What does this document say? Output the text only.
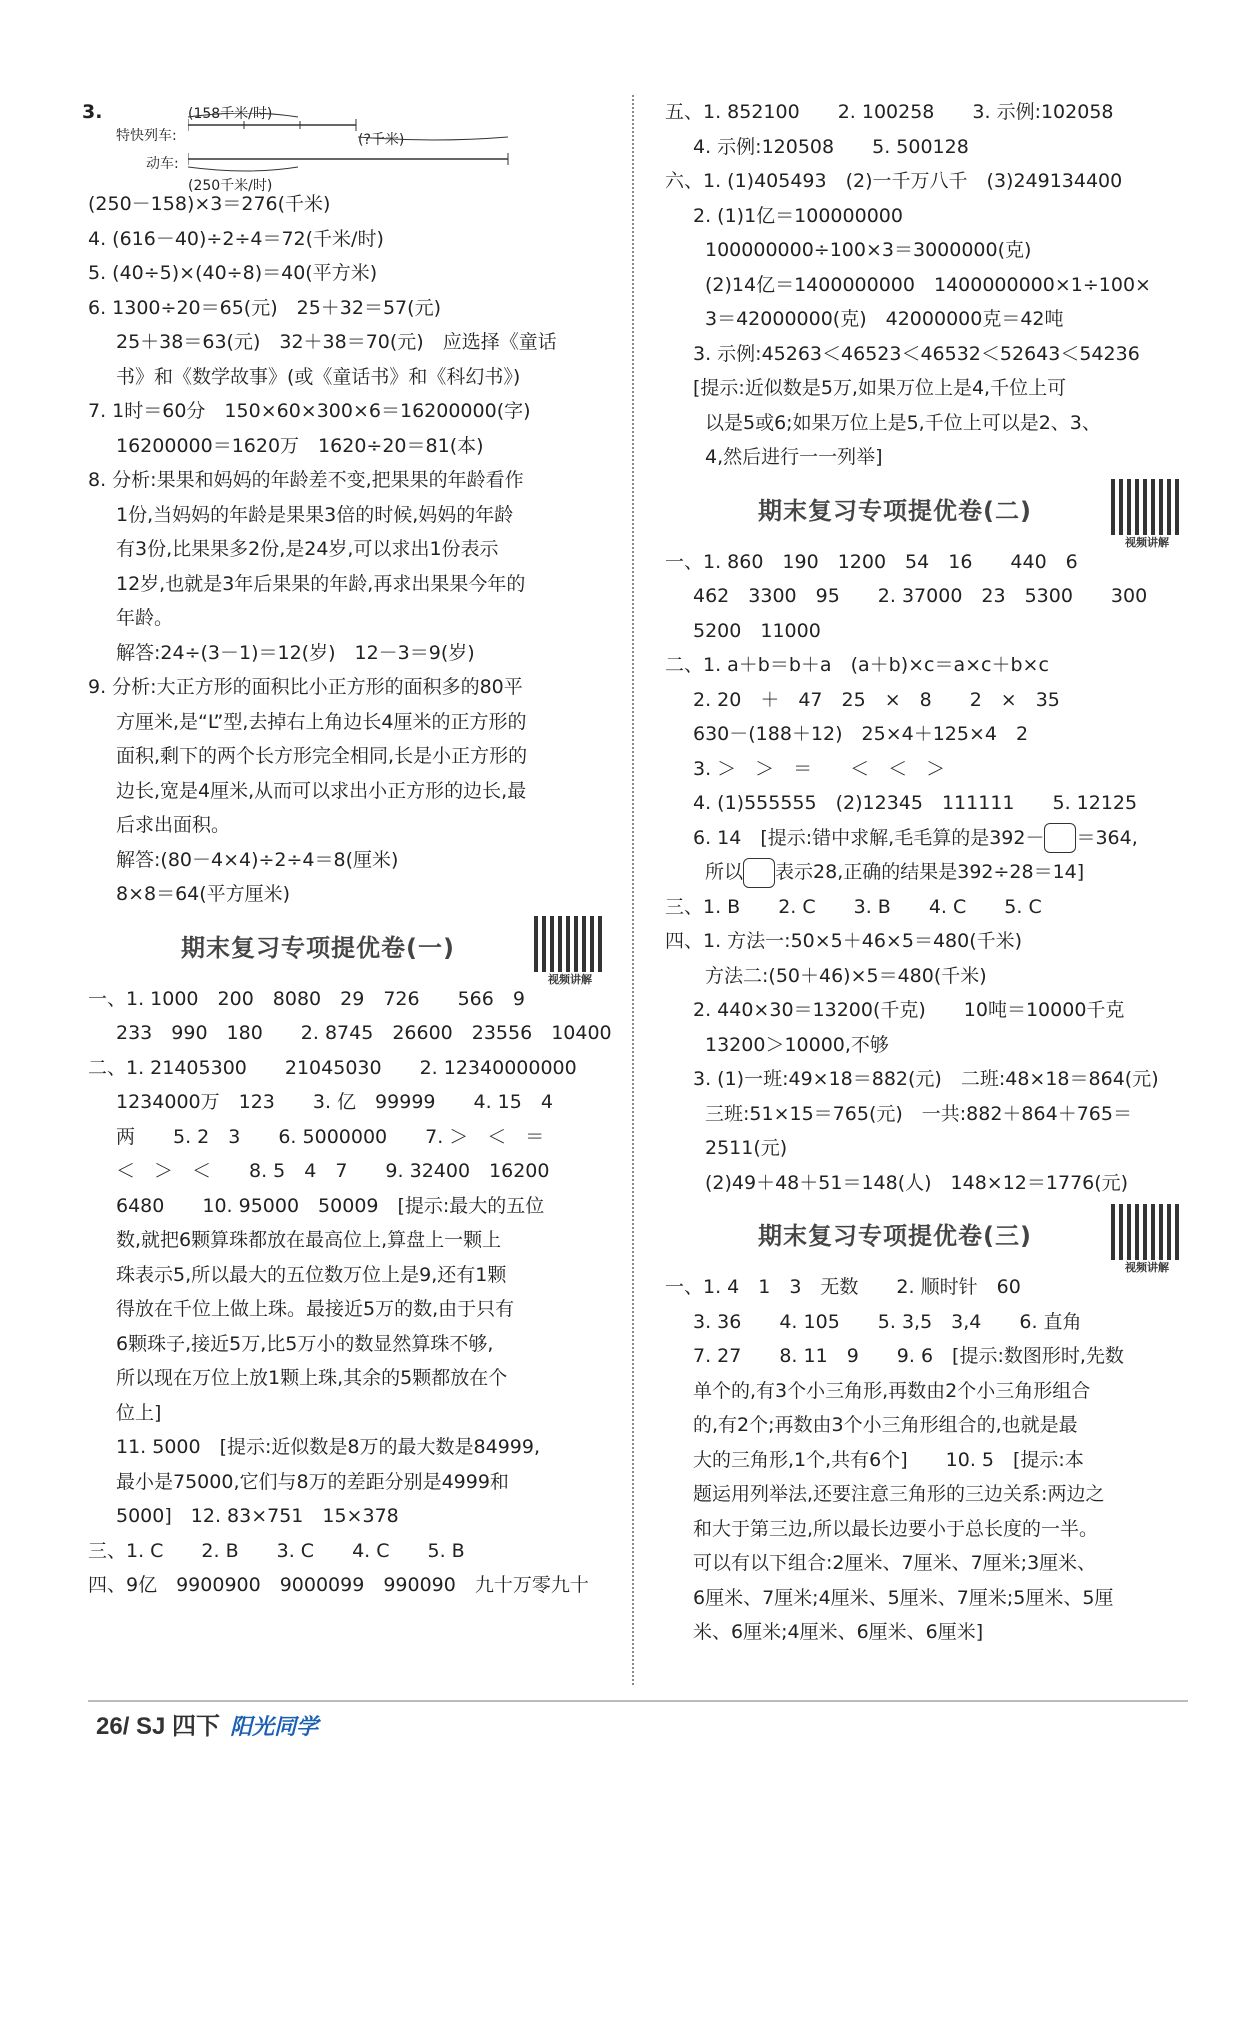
3.
特快列车:
(158千米/时)
(?千米)
动车:
(250千米/时)
(250－158)×3＝276(千米)
4. (616－40)÷2÷4＝72(千米/时)
5. (40÷5)×(40÷8)＝40(平方米)
6. 1300÷20＝65(元)　25＋32＝57(元)
25＋38＝63(元)　32＋38＝70(元)　应选择《童话
书》和《数学故事》(或《童话书》和《科幻书》)
7. 1时＝60分　150×60×300×6＝16200000(字)
16200000＝1620万　1620÷20＝81(本)
8. 分析:果果和妈妈的年龄差不变,把果果的年龄看作
1份,当妈妈的年龄是果果3倍的时候,妈妈的年龄
有3份,比果果多2份,是24岁,可以求出1份表示
12岁,也就是3年后果果的年龄,再求出果果今年的
年龄。
解答:24÷(3－1)＝12(岁)　12－3＝9(岁)
9. 分析:大正方形的面积比小正方形的面积多的80平
方厘米,是“L”型,去掉右上角边长4厘米的正方形的
面积,剩下的两个长方形完全相同,长是小正方形的
边长,宽是4厘米,从而可以求出小正方形的边长,最
后求出面积。
解答:(80－4×4)÷2÷4＝8(厘米)
8×8＝64(平方厘米)
期末复习专项提优卷(一)
视频讲解
一、1. 1000　200　8080　29　726　　566　9
233　990　180　　2. 8745　26600　23556　10400
二、1. 21405300　　21045030　　2. 12340000000
1234000万　123　　3. 亿　99999　　4. 15　4
两　　5. 2　3　　6. 5000000　　7. ＞　＜　＝
＜　＞　＜　　8. 5　4　7　　9. 32400　16200
6480　　10. 95000　50009　[提示:最大的五位
数,就把6颗算珠都放在最高位上,算盘上一颗上
珠表示5,所以最大的五位数万位上是9,还有1颗
得放在千位上做上珠。最接近5万的数,由于只有
6颗珠子,接近5万,比5万小的数显然算珠不够,
所以现在万位上放1颗上珠,其余的5颗都放在个
位上]
11. 5000　[提示:近似数是8万的最大数是84999,
最小是75000,它们与8万的差距分别是4999和
5000]　12. 83×751　15×378
三、1. C　　2. B　　3. C　　4. C　　5. B
四、9亿　9900900　9000099　990090　九十万零九十
五、1. 852100　　2. 100258　　3. 示例:102058
4. 示例:120508　　5. 500128
六、1. (1)405493　(2)一千万八千　(3)249134400
2. (1)1亿＝100000000
100000000÷100×3＝3000000(克)
(2)14亿＝1400000000　1400000000×1÷100×
3＝42000000(克)　42000000克＝42吨
3. 示例:45263＜46523＜46532＜52643＜54236
[提示:近似数是5万,如果万位上是4,千位上可
以是5或6;如果万位上是5,千位上可以是2、3、
4,然后进行一一列举]
期末复习专项提优卷(二)
视频讲解
一、1. 860　190　1200　54　16　　440　6
462　3300　95　　2. 37000　23　5300　　300
5200　11000
二、1. a＋b＝b＋a　(a＋b)×c＝a×c＋b×c
2. 20　＋　47　25　×　8　　2　×　35
630－(188＋12)　25×4＋125×4　2
3. ＞　＞　＝　　＜　＜　＞
4. (1)555555　(2)12345　111111　　5. 12125
6. 14　[提示:错中求解,毛毛算的是392－ ＝364,
所以 表示28,正确的结果是392÷28＝14]
三、1. B　　2. C　　3. B　　4. C　　5. C
四、1. 方法一:50×5＋46×5＝480(千米)
方法二:(50＋46)×5＝480(千米)
2. 440×30＝13200(千克)　　10吨＝10000千克
13200＞10000,不够
3. (1)一班:49×18＝882(元)　二班:48×18＝864(元)
三班:51×15＝765(元)　一共:882＋864＋765＝
2511(元)
(2)49＋48＋51＝148(人)　148×12＝1776(元)
期末复习专项提优卷(三)
视频讲解
一、1. 4　1　3　无数　　2. 顺时针　60
3. 36　　4. 105　　5. 3,5　3,4　　6. 直角
7. 27　　8. 11　9　　9. 6　[提示:数图形时,先数
单个的,有3个小三角形,再数由2个小三角形组合
的,有2个;再数由3个小三角形组合的,也就是最
大的三角形,1个,共有6个]　　10. 5　[提示:本
题运用列举法,还要注意三角形的三边关系:两边之
和大于第三边,所以最长边要小于总长度的一半。
可以有以下组合:2厘米、7厘米、7厘米;3厘米、
6厘米、7厘米;4厘米、5厘米、7厘米;5厘米、5厘
米、6厘米;4厘米、6厘米、6厘米]
26/ SJ 四下 阳光同学
